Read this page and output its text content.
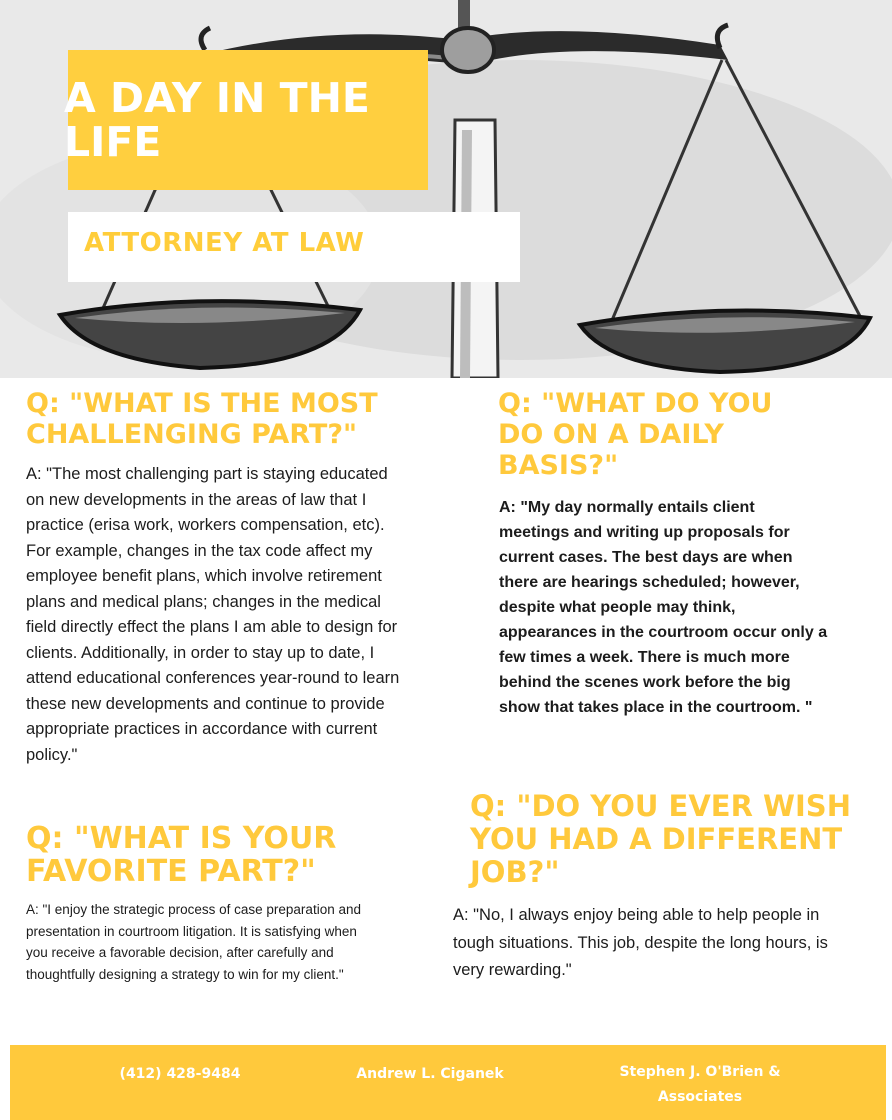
A DAY IN THE LIFE
ATTORNEY AT LAW
Q: "WHAT IS THE MOST CHALLENGING PART?"
A: "The most challenging part is staying educated on new developments in the areas of law that I practice (erisa work, workers compensation, etc). For example, changes in the tax code affect my employee benefit plans, which involve retirement plans and medical plans; changes in the medical field directly effect the plans I am able to design for clients. Additionally, in order to stay up to date, I attend educational conferences year-round to learn these new developments and continue to provide appropriate practices in accordance with current policy."
Q: "WHAT IS YOUR FAVORITE PART?"
A: "I enjoy the strategic process of case preparation and presentation in courtroom litigation. It is satisfying when you receive a favorable decision, after carefully and thoughtfully designing a strategy to win for my client."
Q: "WHAT DO YOU DO ON A DAILY BASIS?"
A: "My day normally entails client meetings and writing up proposals for current cases. The best days are when there are hearings scheduled; however, despite what people may think, appearances in the courtroom occur only a few times a week. There is much more behind the scenes work before the big show that takes place in the courtroom. "
Q: "DO YOU EVER WISH YOU HAD A DIFFERENT JOB?"
A: "No, I always enjoy being able to help people in tough situations. This job, despite the long hours, is very rewarding."
(412) 428-9484	Andrew L. Ciganek	Stephen J. O'Brien & Associates
